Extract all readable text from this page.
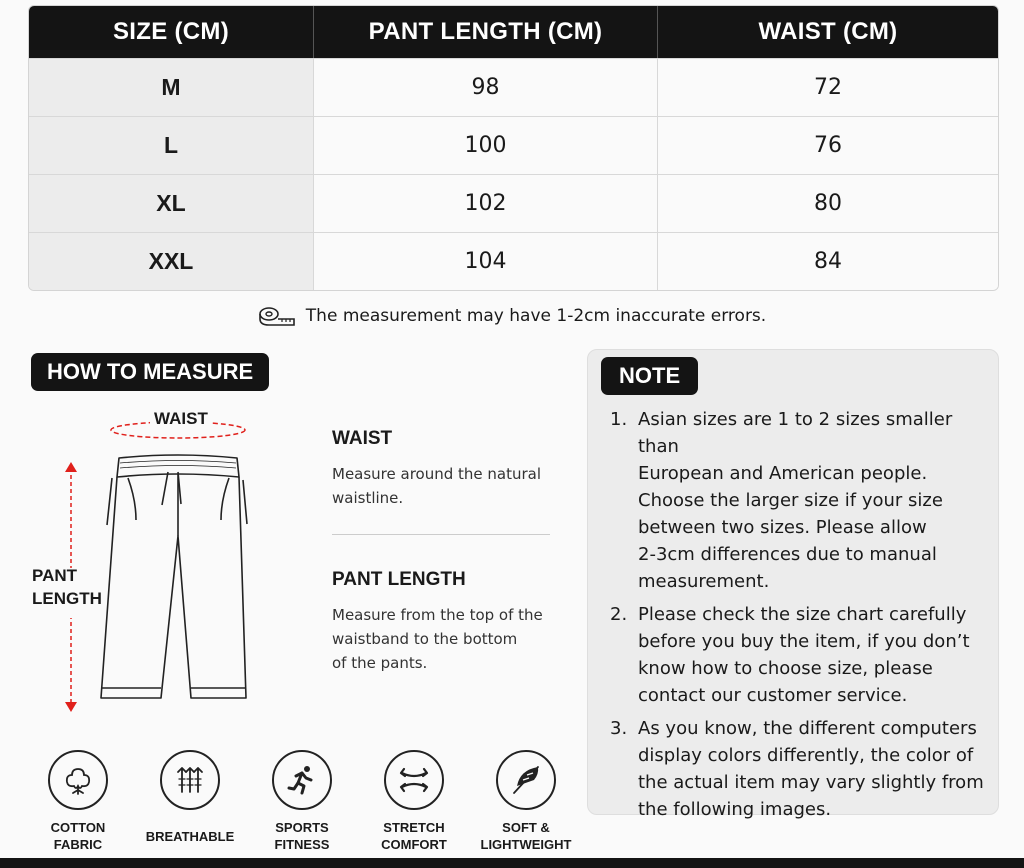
SIZE (CM)	PANT LENGTH (CM)	WAIST (CM)
M	98	72
L	100	76
XL	102	80
XXL	104	84
The measurement may have 1-2cm inaccurate errors.
HOW TO MEASURE
WAIST
PANT
LENGTH
WAIST

Measure around the natural

waistline.

PANT LENGTH

Measure from the top of the

waistband to the bottom

of the pants.

NOTE
1. Asian sizes are 1 to 2 sizes smaller than
European and American people.
Choose the larger size if your size
between two sizes. Please allow
2-3cm differences due to manual
measurement.
2. Please check the size chart carefully
before you buy the item, if you don’t
know how to choose size, please
contact our customer service.
3. As you know, the different computers
display colors differently, the color of
the actual item may vary slightly from
the following images.
COTTON
FABRIC
BREATHABLE
SPORTS
FITNESS
STRETCH
COMFORT
SOFT &
LIGHTWEIGHT
